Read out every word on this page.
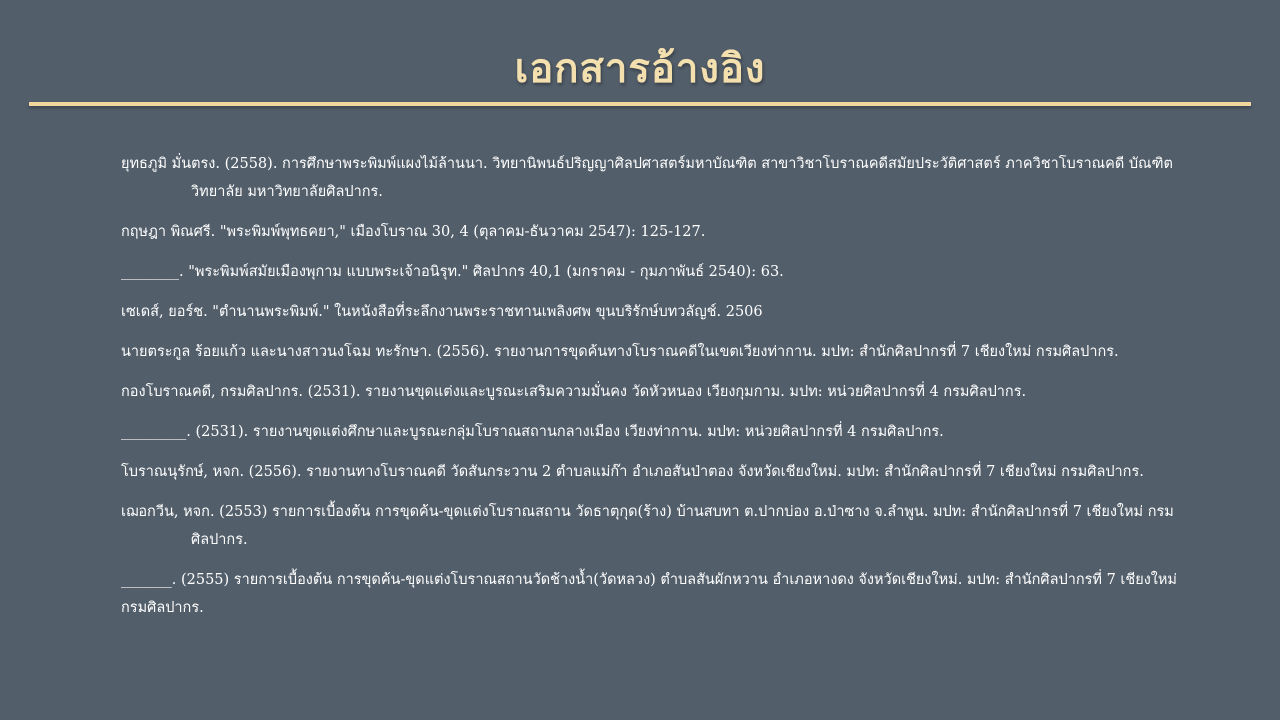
เอกสารอ้างอิง
ยุทธภูมิ มั่นตรง. (2558). การศึกษาพระพิมพ์แผงไม้ล้านนา. วิทยานิพนธ์ปริญญาศิลปศาสตร์มหาบัณฑิต สาขาวิชาโบราณคดีสมัยประวัติศาสตร์ ภาควิชาโบราณคดี บัณฑิตวิทยาลัย มหาวิทยาลัยศิลปากร.
กฤษฎา พิณศรี. "พระพิมพ์พุทธคยา," เมืองโบราณ 30, 4 (ตุลาคม-ธันวาคม 2547): 125-127.
________. "พระพิมพ์สมัยเมืองพุกาม แบบพระเจ้าอนิรุท." ศิลปากร 40,1 (มกราคม - กุมภาพันธ์ 2540): 63.
เซเดส์, ยอร์ช. "ตำนานพระพิมพ์." ในหนังสือที่ระลึกงานพระราชทานเพลิงศพ ขุนบริรักษ์บทวลัญช์. 2506
นายตระกูล ร้อยแก้ว และนางสาวนงโฉม ทะรักษา. (2556). รายงานการขุดค้นทางโบราณคดีในเขตเวียงท่ากาน. มปท: สำนักศิลปากรที่ 7 เชียงใหม่ กรมศิลปากร.
กองโบราณคดี, กรมศิลปากร. (2531). รายงานขุดแต่งและบูรณะเสริมความมั่นคง วัดหัวหนอง เวียงกุมกาม. มปท: หน่วยศิลปากรที่ 4 กรมศิลปากร.
_________. (2531). รายงานขุดแต่งศึกษาและบูรณะกลุ่มโบราณสถานกลางเมือง เวียงท่ากาน. มปท: หน่วยศิลปากรที่ 4 กรมศิลปากร.
โบราณนุรักษ์, หจก. (2556). รายงานทางโบราณคดี วัดสันกระวาน 2 ตำบลแม่ก๊า อำเภอสันป่าตอง จังหวัดเชียงใหม่. มปท: สำนักศิลปากรที่ 7 เชียงใหม่ กรมศิลปากร.
เฌอกวีน, หจก. (2553) รายการเบื้องต้น การขุดค้น-ขุดแต่งโบราณสถาน วัดธาตุกุด(ร้าง) บ้านสบทา ต.ปากบ่อง อ.ป่าซาง จ.ลำพูน. มปท: สำนักศิลปากรที่ 7 เชียงใหม่ กรมศิลปากร.
_______. (2555) รายการเบื้องต้น การขุดค้น-ขุดแต่งโบราณสถานวัดช้างน้ำ(วัดหลวง) ตำบลสันผักหวาน อำเภอหางดง จังหวัดเชียงใหม่. มปท: สำนักศิลปากรที่ 7 เชียงใหม่ กรมศิลปากร.
